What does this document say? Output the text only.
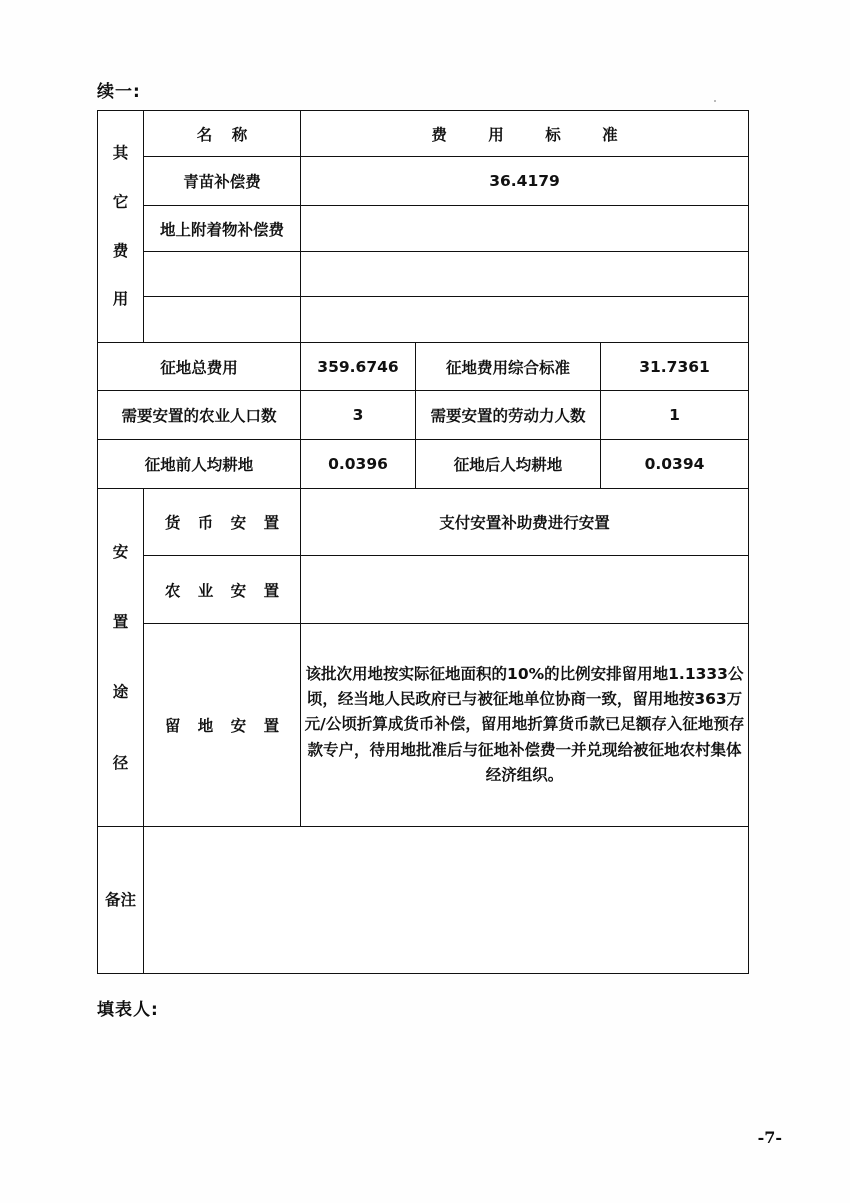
续一:
其
它
费
用	名 称	费 用 标 准		
	青苗补偿费	36.4179		
	地上附着物补偿费			

征地总费用		359.6746	征地费用综合标准	31.7361
需要安置的农业人口数		3	需要安置的劳动力人数	1
征地前人均耕地		0.0396	征地后人均耕地	0.0394

安
置
途
径	货 币 安 置	支付安置补助费进行安置		
	农 业 安 置			
	留 地 安 置	该批次用地按实际征地面积的10%的比例安排留用地1.1333公顷，经当地人民政府已与被征地单位协商一致，留用地按363万元/公顷折算成货币补偿，留用地折算货币款已足额存入征地预存款专户，待用地批准后与征地补偿费一并兑现给被征地农村集体经济组织。		

备注				

填表人:
-7-
